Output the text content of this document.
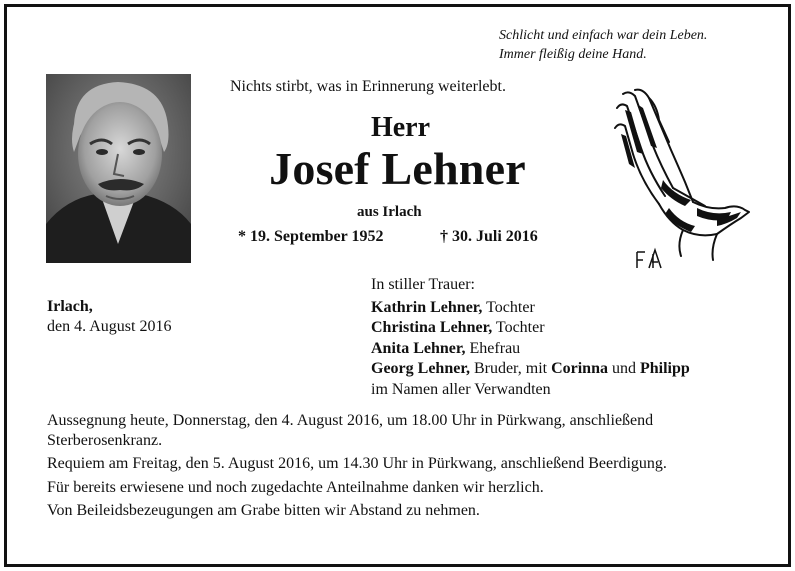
Schlicht und einfach war dein Leben.
Immer fleißig deine Hand.
Nichts stirbt, was in Erinnerung weiterlebt.
Herr
Josef Lehner
aus Irlach
* 19. September 1952	† 30. Juli 2016
Irlach,
den 4. August 2016
In stiller Trauer:
Kathrin Lehner, Tochter
Christina Lehner, Tochter
Anita Lehner, Ehefrau
Georg Lehner, Bruder, mit Corinna und Philipp
im Namen aller Verwandten

Aussegnung heute, Donnerstag, den 4. August 2016, um 18.00 Uhr in Pürkwang, anschließend Sterberosenkranz.

Requiem am Freitag, den 5. August 2016, um 14.30 Uhr in Pürkwang, anschließend Beerdigung.

Für bereits erwiesene und noch zugedachte Anteilnahme danken wir herzlich.

Von Beileidsbezeugungen am Grabe bitten wir Abstand zu nehmen.
